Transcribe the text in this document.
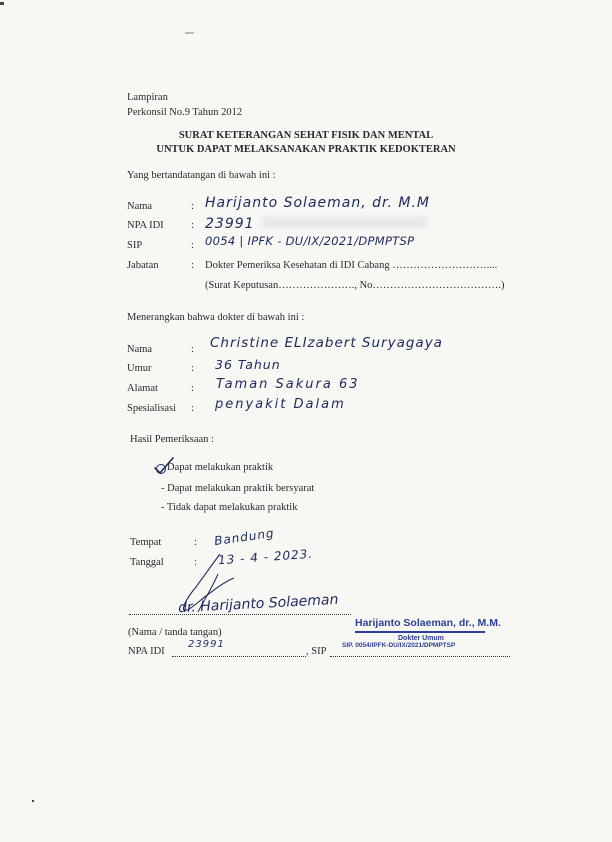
Lampiran
Perkonsil No.9 Tahun 2012
SURAT KETERANGAN SEHAT FISIK DAN MENTAL
UNTUK DAPAT MELAKSANAKAN PRAKTIK KEDOKTERAN
Yang bertandatangan di bawah ini :
Nama	: Harijanto Solaeman, dr. M.M
NPA IDI	: 23991
SIP	: 0054 | IPFK - DU/IX/2021/DPMPTSP
Jabatan	: Dokter Pemeriksa Kesehatan di IDI Cabang ………………………....
(Surat Keputusan…………………., No……………………………….)
Menerangkan bahwa dokter di bawah ini :
Nama	: Christine ELIzabert Suryagaya
Umur	: 36 Tahun
Alamat	: Taman Sakura 63
Spesialisasi : penyakit Dalam
Hasil Pemeriksaan :
Dapat melakukan praktik
- Dapat melakukan praktik bersyarat
- Tidak dapat melakukan praktik
Tempat	: Bandung
Tanggal	: 13 - 4 - 2023.
dr. Harijanto Solaeman
(Nama / tanda tangan)
NPA IDI
23991
, SIP
Harijanto Solaeman, dr., M.M.
Dokter Umum
SIP. 0054/IPFK-DU/IX/2021/DPMPTSP
